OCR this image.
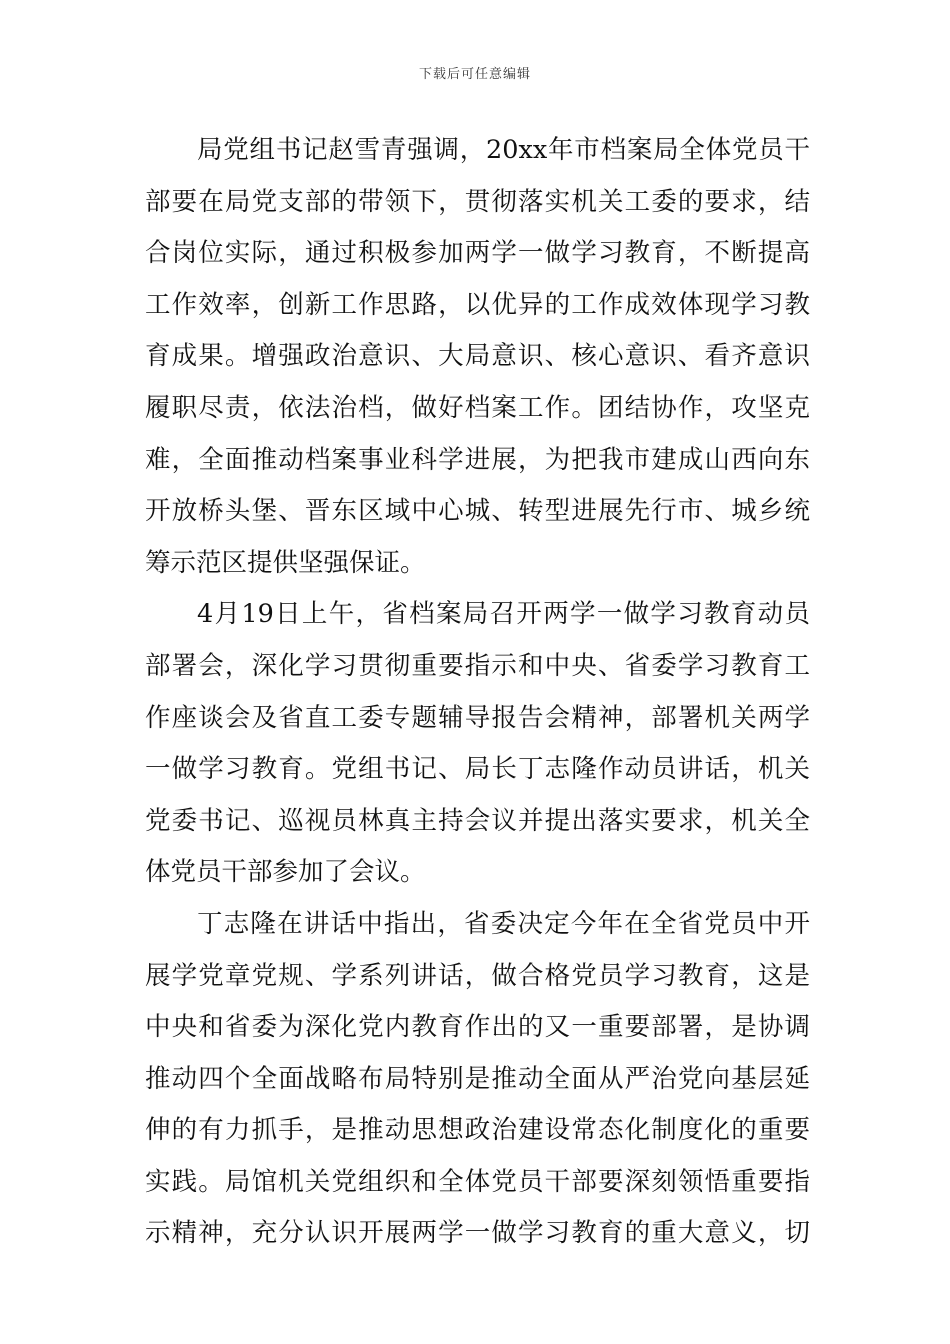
下载后可任意编辑
局党组书记赵雪青强调，20xx年市档案局全体党员干
部要在局党支部的带领下，贯彻落实机关工委的要求，结
合岗位实际，通过积极参加两学一做学习教育，不断提高
工作效率，创新工作思路，以优异的工作成效体现学习教
育成果。增强政治意识、大局意识、核心意识、看齐意识
履职尽责，依法治档，做好档案工作。团结协作，攻坚克
难，全面推动档案事业科学进展，为把我市建成山西向东
开放桥头堡、晋东区域中心城、转型进展先行市、城乡统
筹示范区提供坚强保证。
4月19日上午，省档案局召开两学一做学习教育动员
部署会，深化学习贯彻重要指示和中央、省委学习教育工
作座谈会及省直工委专题辅导报告会精神，部署机关两学
一做学习教育。党组书记、局长丁志隆作动员讲话，机关
党委书记、巡视员林真主持会议并提出落实要求，机关全
体党员干部参加了会议。
丁志隆在讲话中指出，省委决定今年在全省党员中开
展学党章党规、学系列讲话，做合格党员学习教育，这是
中央和省委为深化党内教育作出的又一重要部署，是协调
推动四个全面战略布局特别是推动全面从严治党向基层延
伸的有力抓手，是推动思想政治建设常态化制度化的重要
实践。局馆机关党组织和全体党员干部要深刻领悟重要指
示精神，充分认识开展两学一做学习教育的重大意义，切
